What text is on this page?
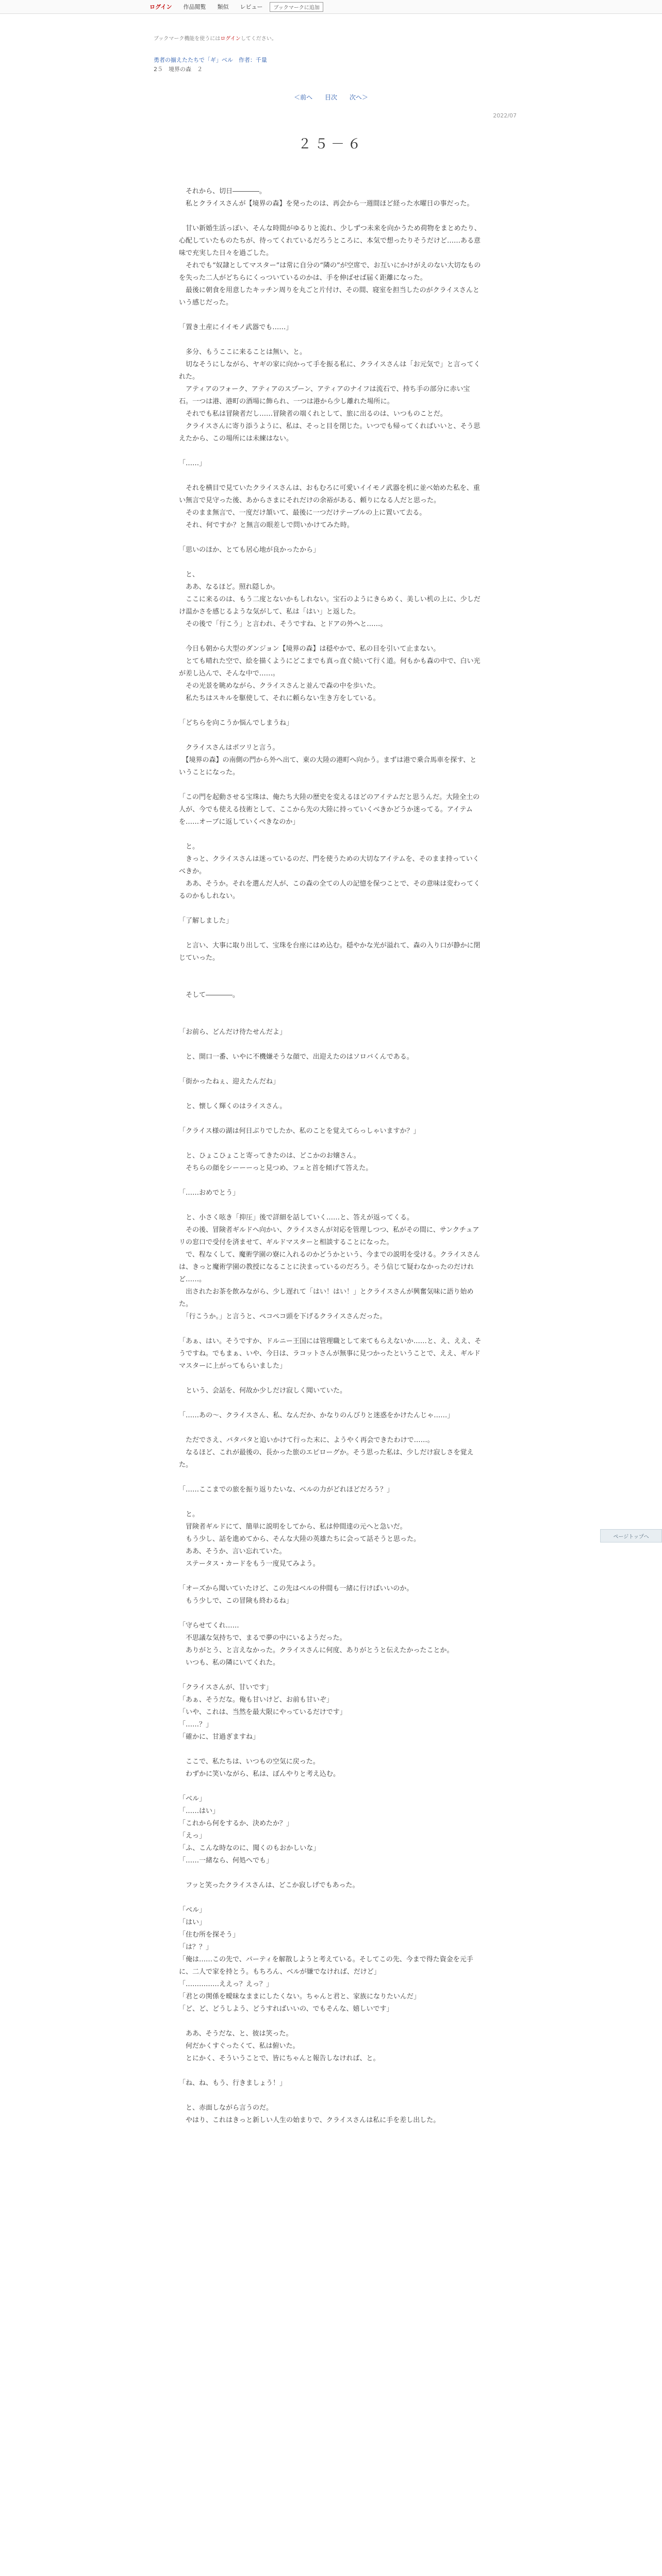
ログイン	作品閲覧	類似	レビュー	ブックマークに追加
ブックマーク機能を使うにはログインしてください。
勇者の揃えたたちで「ギ」ベル　作者：千量
2５　境界の森　２
＜前へ 目次 次へ＞
2022/07
２５－６

　それから、切日――――。

　私とクライスさんが【境界の森】を発ったのは、再会から一週間ほど経った水曜日の事だった。

　甘い新婚生活っぽい、そんな時間がゆるりと流れ、少しずつ未来を向かうため荷物をまとめたり、心配していたものたちが、待ってくれているだろうところに、本気で想ったりそうだけど……ある意味で充実した日々を過ごした。

　それでも“奴隷としてマスター”は常に自分の“隣の”が空席で、お互いにかけがえのない大切なものを失った二人がどちらにくっついているのかは、手を伸ばせば届く距離になった。

　最後に朝食を用意したキッチン周りを丸ごと片付け、その間、寝室を担当したのがクライスさんという感じだった。

「置き土産にイイモノ武器でも……」

　多分、もうここに来ることは無い、と。

　切なそうにしながら、ヤギの家に向かって手を振る私に、クライスさんは「お元気で」と言ってくれた。

　アティアのフォーク、アティアのスプーン、アティアのナイフは流石で、持ち手の部分に赤い宝石。一つは港、港町の酒場に飾られ、一つは港から少し離れた場所に。

　それでも私は冒険者だし……冒険者の端くれとして、旅に出るのは、いつものことだ。

　クライスさんに寄り添うように、私は、そっと目を閉じた。いつでも帰ってくればいいと、そう思えたから、この場所には未練はない。

「……」

　それを横目で見ていたクライスさんは、おもむろに可愛いイイモノ武器を机に並べ始めた私を、重い無言で見守った後、あからさまにそれだけの余裕がある、頼りになる人だと思った。

　そのまま無言で、一度だけ頷いて、最後に一つだけテーブルの上に置いて去る。

　それ、何ですか？と無言の眼差しで問いかけてみた時。

「思いのほか、とても居心地が良かったから」

　と、

　ああ、なるほど。照れ隠しか。

　ここに来るのは、もう二度とないかもしれない。宝石のようにきらめく、美しい机の上に、少しだけ温かさを感じるような気がして、私は「はい」と返した。

　その後で「行こう」と言われ、そうですね、とドアの外へと……。

　今日も朝から大型のダンジョン【境界の森】は穏やかで、私の目を引いて止まない。

　とても晴れた空で、絵を描くようにどこまでも真っ直ぐ続いて行く道。何もかも森の中で、白い光が差し込んで、そんな中で……。

　その光景を眺めながら、クライスさんと並んで森の中を歩いた。

　私たちはスキルを駆使して、それに頼らない生き方をしている。

「どちらを向こうか悩んでしまうね」

　クライスさんはポツリと言う。

　【境界の森】の南側の門から外へ出て、東の大陸の港町へ向かう。まずは港で乗合馬車を探す、ということになった。

「この門を起動させる宝珠は、俺たち大陸の歴史を変えるほどのアイテムだと思うんだ。大陸全土の人が、今でも使える技術として、ここから先の大陸に持っていくべきかどうか迷ってる。アイテムを……オーブに返していくべきなのか」

　と。

　きっと、クライスさんは迷っているのだ、門を使うための大切なアイテムを、そのまま持っていくべきか。

　ああ、そうか。それを選んだ人が、この森の全ての人の記憶を保つことで、その意味は変わってくるのかもしれない。

「了解しました」

　と言い、大事に取り出して、宝珠を台座にはめ込む。穏やかな光が溢れて、森の入り口が静かに閉じていった。

　そして――――。

「お前ら、どんだけ待たせんだよ」

　と、開口一番、いやに不機嫌そうな顔で、出迎えたのはソロバくんである。

「街かったねぇ、迎えたんだね」

　と、懐しく輝くのはライスさん。

「クライス様の湖は何日ぶりでしたか、私のことを覚えてらっしゃいますか？」

　と、ひょこひょこと寄ってきたのは、どこかのお嬢さん。

　そちらの顔をシーーーっと見つめ、フェと首を傾げて答えた。

「……おめでとう」

　と、小さく呟き「抑圧」後で詳細を話していく……と、答えが返ってくる。

　その後、冒険者ギルドへ向かい、クライスさんが対応を管理しつつ、私がその間に、サンクチュアリの窓口で受付を済ませて、ギルドマスターと相談することになった。

　で、程なくして、魔術学園の寮に入れるのかどうかという、今までの説明を受ける。クライスさんは、きっと魔術学園の教授になることに決まっているのだろう。そう信じて疑わなかったのだけれど……。

　出されたお茶を飲みながら、少し遅れて「はい！はい！」とクライスさんが興奮気味に語り始めた。

　「行こうか。」と言うと、ペコペコ頭を下げるクライスさんだった。

「あぁ、はい。そうですか、ドルニー王国には管理職として来てもらえないか……と、え、ええ、そうですね。でもまぁ、いや、今日は、ラコットさんが無事に見つかったということで、ええ、ギルドマスターに上がってもらいました」

　という、会話を、何故か少しだけ寂しく聞いていた。

「……あの～、クライスさん、私、なんだか、かなりのんびりと迷惑をかけたんじゃ……」

　ただでさえ、バタバタと追いかけて行った末に、ようやく再会できたわけで……。

　なるほど、これが最後の、長かった旅のエピローグか。そう思った私は、少しだけ寂しさを覚えた。

「……ここまでの旅を振り返りたいな、ベルの力がどれほどだろう？」

　と。

　冒険者ギルドにて、簡単に説明をしてから、私は仲間達の元へと急いだ。

　もう少し、話を進めてから、そんな大陸の英雄たちに会って話そうと思った。

　ああ、そうか、言い忘れていた。

　ステータス・カードをもう一度見てみよう。

「オーズから聞いていたけど、この先はベルの仲間も一緒に行けばいいのか。

　もう少しで、この冒険も終わるね」

「守らせてくれ……

　不思議な気持ちで、まるで夢の中にいるようだった。

　ありがとう、と言えなかった。クライスさんに何度、ありがとうと伝えたかったことか。

　いつも、私の隣にいてくれた。

「クライスさんが、甘いです」

「あぁ、そうだな。俺も甘いけど、お前も甘いぞ」

「いや、これは、当然を最大限にやっているだけです」

「……？」

「確かに、甘過ぎますね」

　ここで、私たちは、いつもの空気に戻った。

　わずかに笑いながら、私は、ぼんやりと考え込む。

「ベル」

「……はい」

「これから何をするか、決めたか？」

「えっ」

「ふ、こんな時なのに、聞くのもおかしいな」

「……一緒なら、何処へでも」

　フッと笑ったクライスさんは、どこか寂しげでもあった。

「ベル」

「はい」

「住む所を探そう」

「は？？」

「俺は……この先で、パーティを解散しようと考えている。そしてこの先、今まで得た資金を元手に、二人で家を持とう。もちろん、ベルが嫌でなければ、だけど」

「……………ええっ？えっ？」

「君との関係を曖昧なままにしたくない。ちゃんと君と、家族になりたいんだ」

「ど、ど、どうしよう、どうすればいいの、でもそんな、嬉しいです」

　ああ、そうだな、と、彼は笑った。

　何だかくすぐったくて、私は俯いた。

　とにかく、そういうことで、皆にちゃんと報告しなければ、と。

「ね、ね、もう、行きましょう！」

　と、赤面しながら言うのだ。

　やはり、これはきっと新しい人生の始まりで、クライスさんは私に手を差し出した。

ページトップへ
